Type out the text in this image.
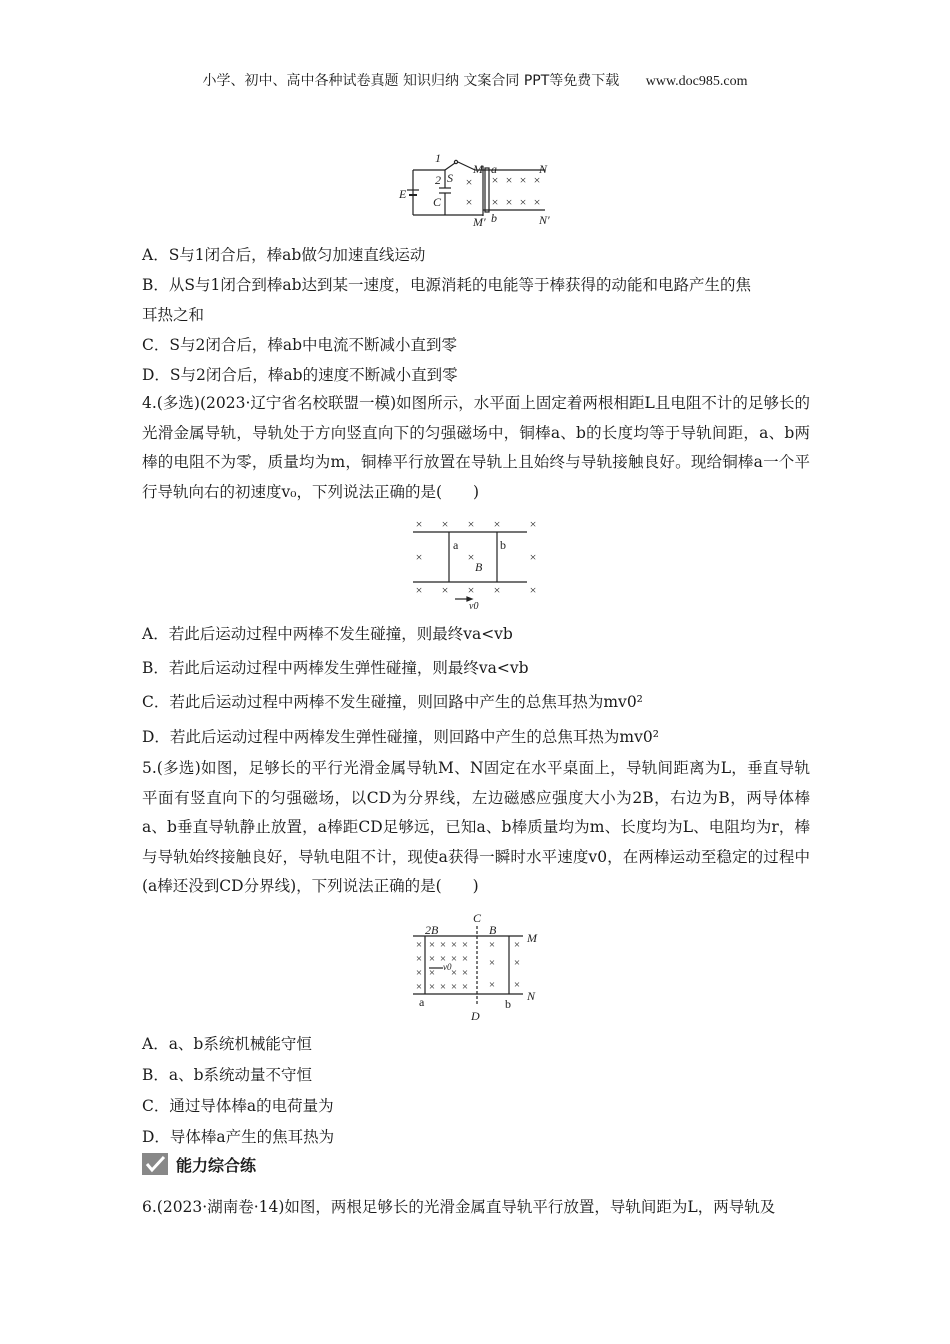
小学、初中、高中各种试卷真题 知识归纳 文案合同 PPT等免费下载 www.doc985.com
× × × ×
× × × ×
×
×
1
2 S
C
E
M a	N
M′ b	N′
A．S与1闭合后，棒ab做匀加速直线运动
B．从S与1闭合到棒ab达到某一速度，电源消耗的电能等于棒获得的动能和电路产生的焦
耳热之和
C．S与2闭合后，棒ab中电流不断减小直到零
D．S与2闭合后，棒ab的速度不断减小直到零
4.(多选)(2023·辽宁省名校联盟一模)如图所示，水平面上固定着两根相距L且电阻不计的足够长的光滑金属导轨，导轨处于方向竖直向下的匀强磁场中，铜棒a、b的长度均等于导轨间距，a、b两棒的电阻不为零，质量均为m，铜棒平行放置在导轨上且始终与导轨接触良好。现给铜棒a一个平行导轨向右的初速度v₀，下列说法正确的是(　　)
× × × × ×
×	×	×
× × × × ×
a	b
B
v0
A．若此后运动过程中两棒不发生碰撞，则最终va<vb
B．若此后运动过程中两棒发生弹性碰撞，则最终va<vb
C．若此后运动过程中两棒不发生碰撞，则回路中产生的总焦耳热为mv0²
D．若此后运动过程中两棒发生弹性碰撞，则回路中产生的总焦耳热为mv0²
5.(多选)如图，足够长的平行光滑金属导轨M、N固定在水平桌面上，导轨间距离为L，垂直导轨平面有竖直向下的匀强磁场，以CD为分界线，左边磁感应强度大小为2B，右边为B，两导体棒a、b垂直导轨静止放置，a棒距CD足够远，已知a、b棒质量均为m、长度均为L、电阻均为r，棒与导轨始终接触良好，导轨电阻不计，现使a获得一瞬时水平速度v0，在两棒运动至稳定的过程中(a棒还没到CD分界线)，下列说法正确的是(　　)
× × × × ×
× × × × ×
× × × ×
× × × × ×
× ×
× ×
× ×
C
2B	B
M
v0
a
D
b
N
A．a、b系统机械能守恒
B．a、b系统动量不守恒
C．通过导体棒a的电荷量为
D．导体棒a产生的焦耳热为
能力综合练
6.(2023·湖南卷·14)如图，两根足够长的光滑金属直导轨平行放置，导轨间距为L，两导轨及
